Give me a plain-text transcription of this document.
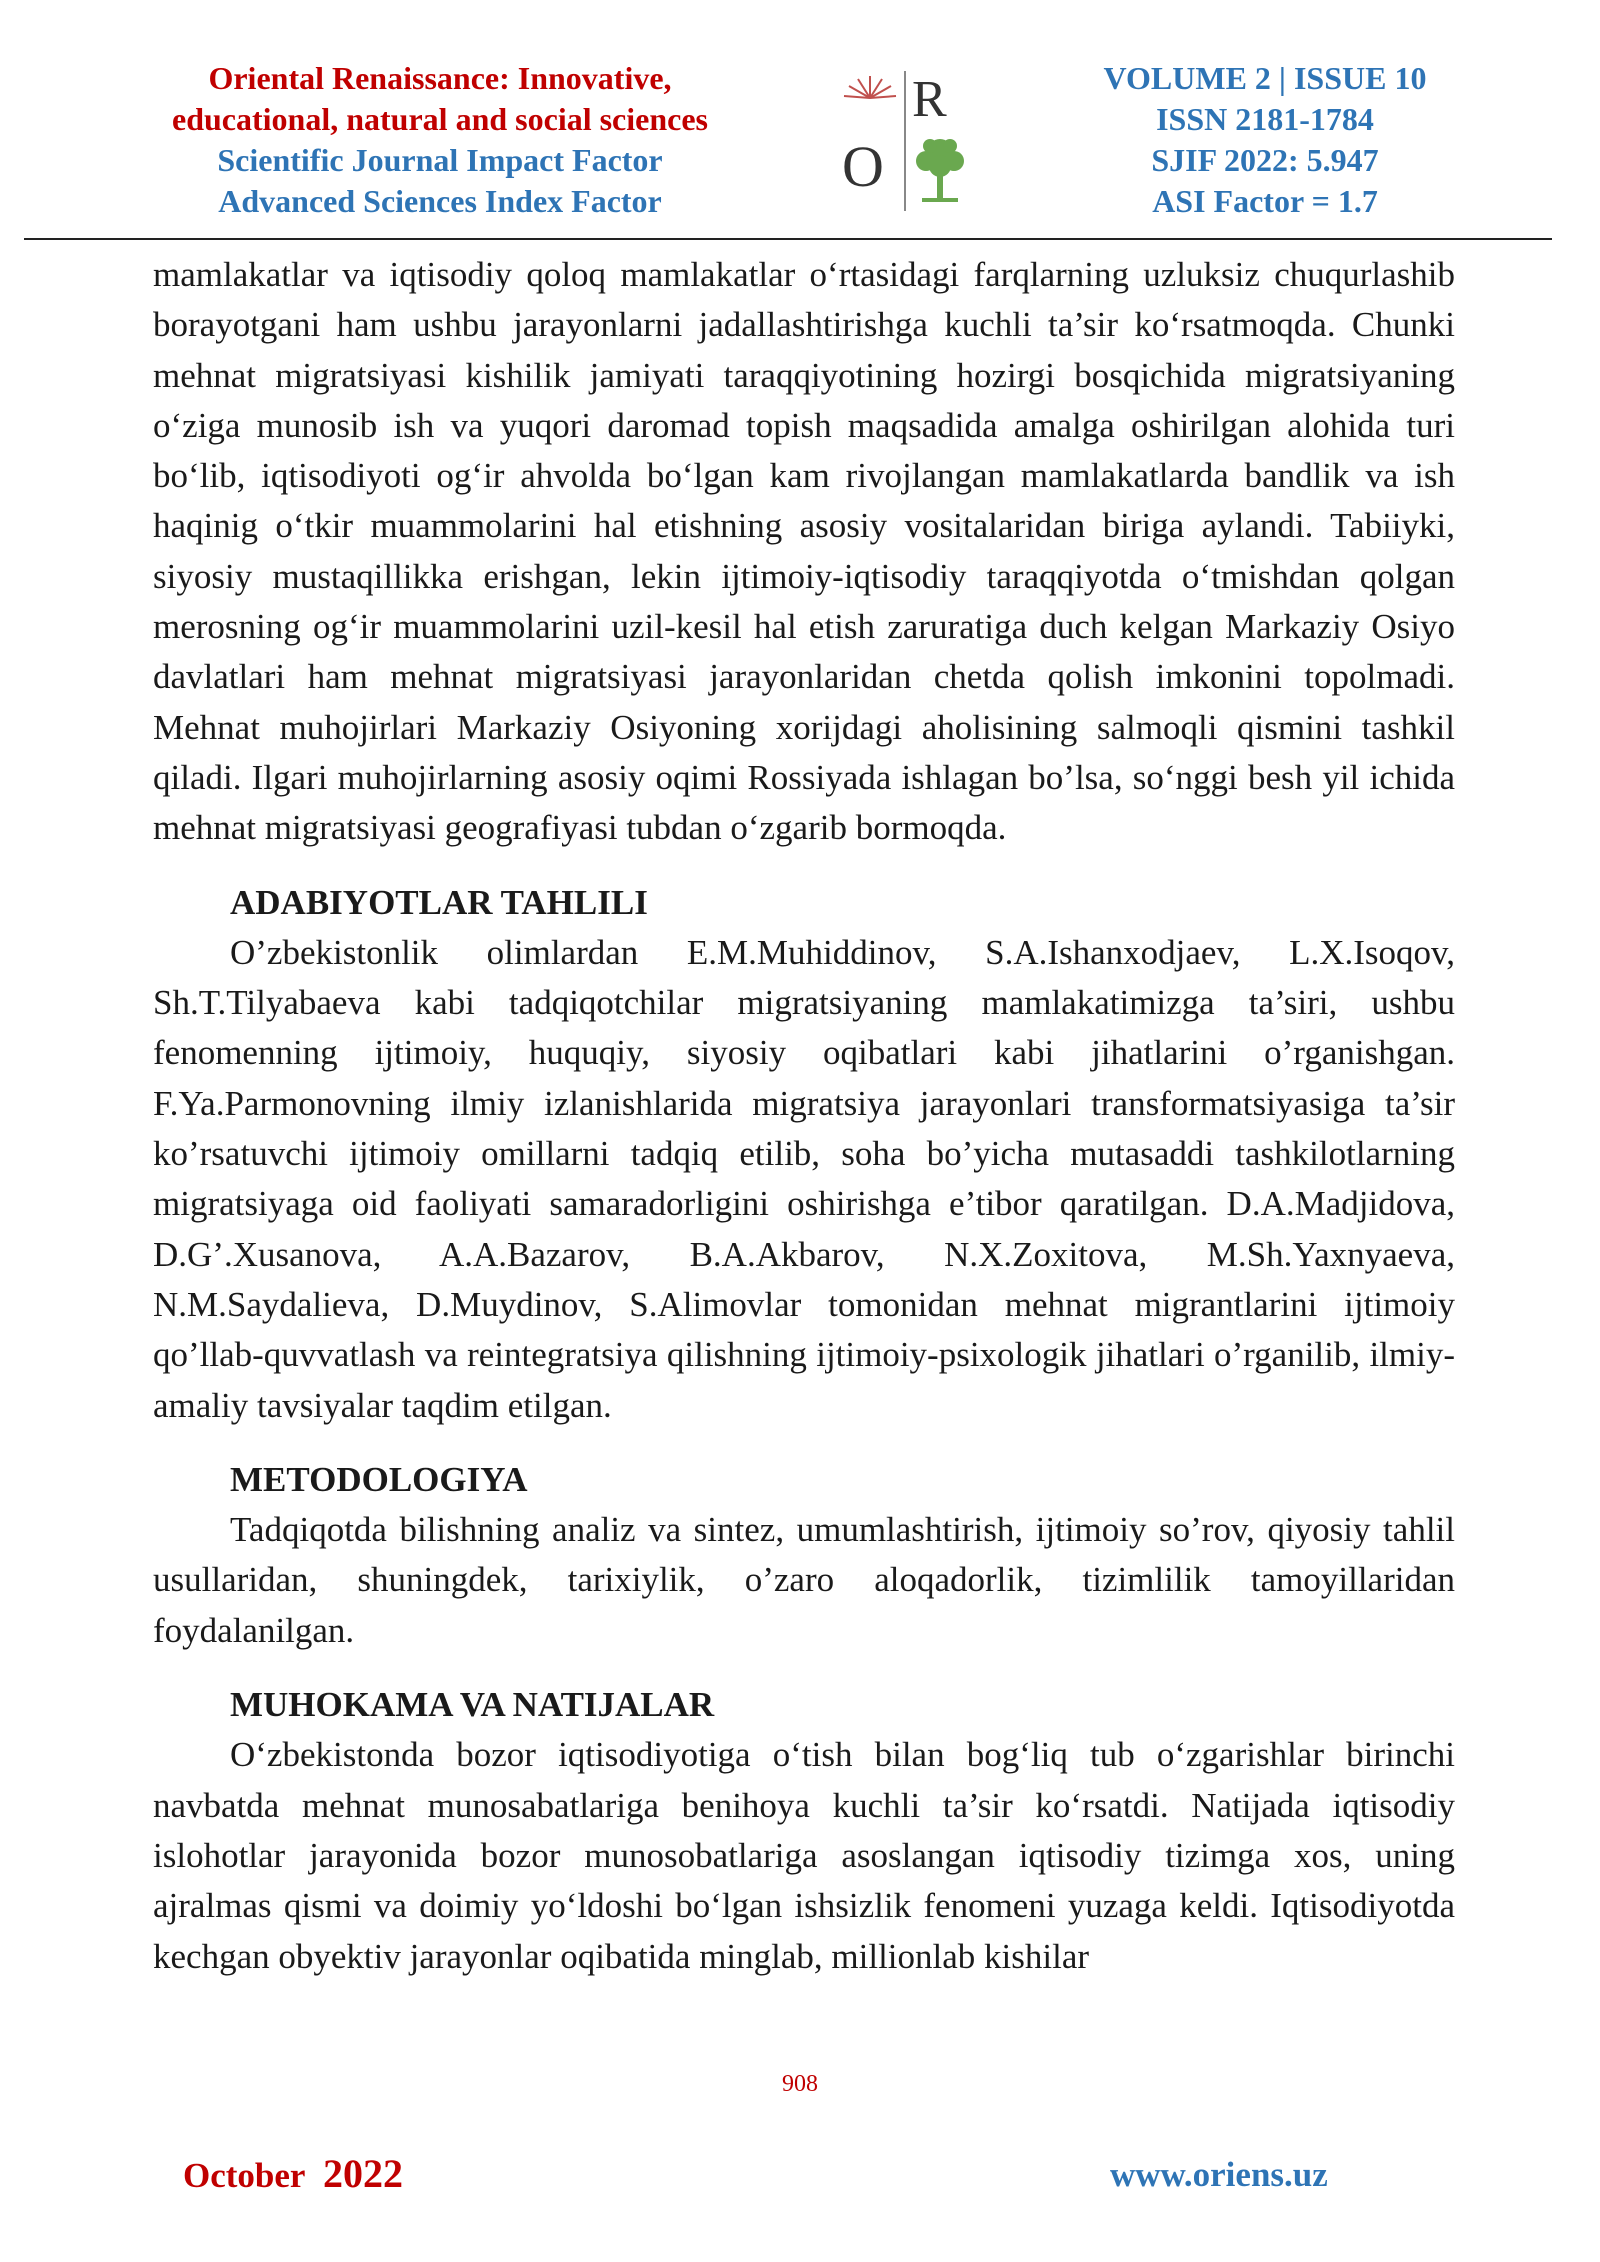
Oriental Renaissance: Innovative,
educational, natural and social sciences
Scientific Journal Impact Factor
Advanced Sciences Index Factor
R
O
VOLUME 2 | ISSUE 10
ISSN 2181-1784
SJIF 2022: 5.947
ASI Factor = 1.7

mamlakatlar va iqtisodiy qoloq mamlakatlar o‘rtasidagi farqlarning uzluksiz chuqurlashib borayotgani ham ushbu jarayonlarni jadallashtirishga kuchli ta’sir ko‘rsatmoqda. Chunki mehnat migratsiyasi kishilik jamiyati taraqqiyotining hozirgi bosqichida migratsiyaning o‘ziga munosib ish va yuqori daromad topish maqsadida amalga oshirilgan alohida turi bo‘lib, iqtisodiyoti og‘ir ahvolda bo‘lgan kam rivojlangan mamlakatlarda bandlik va ish haqinig o‘tkir muammolarini hal etishning asosiy vositalaridan biriga aylandi. Tabiiyki, siyosiy mustaqillikka erishgan, lekin ijtimoiy-iqtisodiy taraqqiyotda o‘tmishdan qolgan merosning og‘ir muammolarini uzil-kesil hal etish zaruratiga duch kelgan Markaziy Osiyo davlatlari ham mehnat migratsiyasi jarayonlaridan chetda qolish imkonini topolmadi. Mehnat muhojirlari Markaziy Osiyoning xorijdagi aholisining salmoqli qismini tashkil qiladi. Ilgari muhojirlarning asosiy oqimi Rossiyada ishlagan bo’lsa, so‘nggi besh yil ichida mehnat migratsiyasi geografiyasi tubdan o‘zgarib bormoqda.

ADABIYOTLAR TAHLILI

O’zbekistonlik olimlardan E.M.Muhiddinov, S.A.Ishanxodjaev, L.X.Isoqov, Sh.T.Tilyabaeva kabi tadqiqotchilar migratsiyaning mamlakatimizga ta’siri, ushbu fenomenning ijtimoiy, huquqiy, siyosiy oqibatlari kabi jihatlarini o’rganishgan. F.Ya.Parmonovning ilmiy izlanishlarida migratsiya jarayonlari transformatsiyasiga ta’sir ko’rsatuvchi ijtimoiy omillarni tadqiq etilib, soha bo’yicha mutasaddi tashkilotlarning migratsiyaga oid faoliyati samaradorligini oshirishga e’tibor qaratilgan. D.A.Madjidova, D.G’.Xusanova, A.A.Bazarov, B.A.Akbarov, N.X.Zoxitova, M.Sh.Yaxnyaeva, N.M.Saydalieva, D.Muydinov, S.Alimovlar tomonidan mehnat migrantlarini ijtimoiy qo’llab-quvvatlash va reintegratsiya qilishning ijtimoiy-psixologik jihatlari o’rganilib, ilmiy-amaliy tavsiyalar taqdim etilgan.

METODOLOGIYA

Tadqiqotda bilishning analiz va sintez, umumlashtirish, ijtimoiy so’rov, qiyosiy tahlil usullaridan, shuningdek, tarixiylik, o’zaro aloqadorlik, tizimlilik tamoyillaridan foydalanilgan.

MUHOKAMA VA NATIJALAR

O‘zbekistonda bozor iqtisodiyotiga o‘tish bilan bog‘liq tub o‘zgarishlar birinchi navbatda mehnat munosabatlariga benihoya kuchli ta’sir ko‘rsatdi. Natijada iqtisodiy islohotlar jarayonida bozor munosobatlariga asoslangan iqtisodiy tizimga xos, uning ajralmas qismi va doimiy yo‘ldoshi bo‘lgan ishsizlik fenomeni yuzaga keldi. Iqtisodiyotda kechgan obyektiv jarayonlar oqibatida minglab, millionlab kishilar

908
October 2022	www.oriens.uz
